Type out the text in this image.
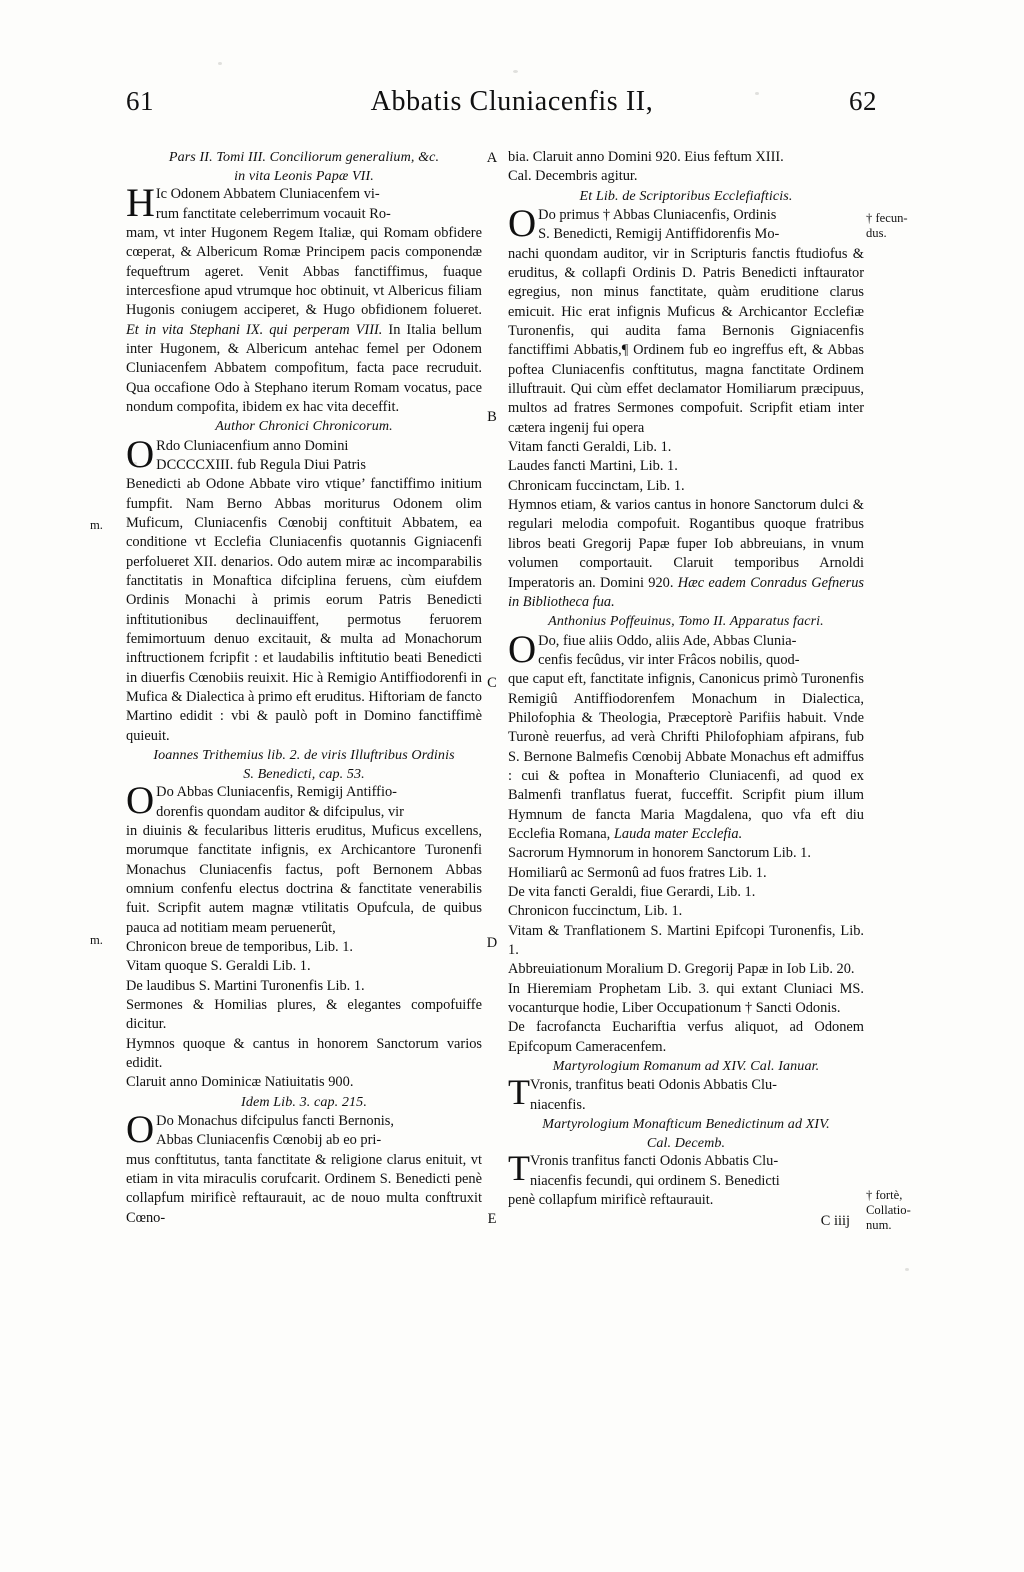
61	Abbatis Cluniacenfis II,	62
m.
m.
† fecun-
dus.
† fortè,
Collatio-
num.
A
B
C
D
E

Pars II. Tomi III. Conciliorum generalium, &c.

in vita Leonis Papæ VII.

H Ic Odonem Abbatem Cluniacenfem vi-
rum fanctitate celeberrimum vocauit Ro-
mam, vt inter Hugonem Regem Italiæ, qui Romam obfidere cœperat, & Albericum Romæ Principem pacis componendæ fequeftrum ageret. Venit Abbas fanctiffimus, fuaque intercesfione apud vtrumque hoc obtinuit, vt Albericus filiam Hugonis coniugem acciperet, & Hugo obfidionem folueret. Et in vita Stephani IX. qui perperam VIII. In Italia bellum inter Hugonem, & Albericum antehac femel per Odonem Cluniacenfem Abbatem compofitum, facta pace recruduit. Qua occafione Odo à Stephano iterum Romam vocatus, pace nondum compofita, ibidem ex hac vita deceffit.

Author Chronici Chronicorum.

O Rdo Cluniacenfium anno Domini
DCCCCXIII. fub Regula Diui Patris
Benedicti ab Odone Abbate viro vtique’ fanctiffimo initium fumpfit. Nam Berno Abbas moriturus Odonem olim Muficum, Cluniacenfis Cœnobij conftituit Abbatem, ea conditione vt Ecclefia Cluniacenfis quotannis Gigniacenfi perfolueret XII. denarios. Odo autem miræ ac incomparabilis fanctitatis in Monaftica difciplina feruens, cùm eiufdem Ordinis Monachi à primis eorum Patris Benedicti inftitutionibus declinauiffent, permotus feruorem femimortuum denuo excitauit, & multa ad Monachorum inftructionem fcripfit : et laudabilis inftitutio beati Benedicti in diuerfis Cœnobiis reuixit. Hic à Remigio Antiffiodorenfi in Mufica & Dialectica à primo eft eruditus. Hiftoriam de fancto Martino edidit : vbi & paulò poft in Domino fanctiffimè quieuit.

Ioannes Trithemius lib. 2. de viris Illuftribus Ordinis

S. Benedicti, cap. 53.

O Do Abbas Cluniacenfis, Remigij Antiffio-
dorenfis quondam auditor & difcipulus, vir
in diuinis & fecularibus litteris eruditus, Muficus excellens, morumque fanctitate infignis, ex Archicantore Turonenfi Monachus Cluniacenfis factus, poft Bernonem Abbas omnium confenfu electus doctrina & fanctitate venerabilis fuit. Scripfit autem magnæ vtilitatis Opufcula, de quibus pauca ad notitiam meam peruenerût,

Chronicon breue de temporibus, Lib. 1.

Vitam quoque S. Geraldi Lib. 1.

De laudibus S. Martini Turonenfis Lib. 1.

Sermones & Homilias plures, & elegantes compofuiffe dicitur.

Hymnos quoque & cantus in honorem Sanctorum varios edidit.

Claruit anno Dominicæ Natiuitatis 900.

Idem Lib. 3. cap. 215.

O Do Monachus difcipulus fancti Bernonis,
Abbas Cluniacenfis Cœnobij ab eo pri-
mus conftitutus, tanta fanctitate & religione clarus enituit, vt etiam in vita miraculis corufcarit. Ordinem S. Benedicti penè collapfum mirificè reftaurauit, ac de nouo multa conftruxit Cœno-

bia. Claruit anno Domini 920. Eius feftum XIII.

Cal. Decembris agitur.

Et Lib. de Scriptoribus Ecclefiafticis.

O Do primus † Abbas Cluniacenfis, Ordinis
S. Benedicti, Remigij Antiffidorenfis Mo-
nachi quondam auditor, vir in Scripturis fanctis ftudiofus & eruditus, & collapfi Ordinis D. Patris Benedicti inftaurator egregius, non minus fanctitate, quàm eruditione clarus emicuit. Hic erat infignis Muficus & Archicantor Ecclefiæ Turonenfis, qui audita fama Bernonis Gigniacenfis fanctiffimi Abbatis,¶ Ordinem fub eo ingreffus eft, & Abbas poftea Cluniacenfis conftitutus, magna fanctitate Ordinem illuftrauit. Qui cùm effet declamator Homiliarum præcipuus, multos ad fratres Sermones compofuit. Scripfit etiam inter cætera ingenij fui opera

Vitam fancti Geraldi, Lib. 1.

Laudes fancti Martini, Lib. 1.

Chronicam fuccinctam, Lib. 1.

Hymnos etiam, & varios cantus in honore Sanctorum dulci & regulari melodia compofuit. Rogantibus quoque fratribus libros beati Gregorij Papæ fuper Iob abbreuians, in vnum volumen comportauit. Claruit temporibus Arnoldi Imperatoris an. Domini 920. Hæc eadem Conradus Gefnerus in Bibliotheca fua.

Anthonius Poffeuinus, Tomo II. Apparatus facri.

O Do, fiue aliis Oddo, aliis Ade, Abbas Clunia-
cenfis fecûdus, vir inter Frâcos nobilis, quod-
que caput eft, fanctitate infignis, Canonicus primò Turonenfis Remigiû Antiffiodorenfem Monachum in Dialectica, Philofophia & Theologia, Præceptorè Parifiis habuit. Vnde Turonè reuerfus, ad verà Chrifti Philofophiam afpirans, fub S. Bernone Balmefis Cœnobij Abbate Monachus eft admiffus : cui & poftea in Monafterio Cluniacenfi, ad quod ex Balmenfi tranflatus fuerat, fucceffit. Scripfit pium illum Hymnum de fancta Maria Magdalena, quo vfa eft diu Ecclefia Romana, Lauda mater Ecclefia.

Sacrorum Hymnorum in honorem Sanctorum Lib. 1.

Homiliarû ac Sermonû ad fuos fratres Lib. 1.

De vita fancti Geraldi, fiue Gerardi, Lib. 1.

Chronicon fuccinctum, Lib. 1.

Vitam & Tranflationem S. Martini Epifcopi Turonenfis, Lib. 1.

Abbreuiationum Moralium D. Gregorij Papæ in Iob Lib. 20.

In Hieremiam Prophetam Lib. 3. qui extant Cluniaci MS. vocanturque hodie, Liber Occupationum † Sancti Odonis.

De facrofancta Euchariftia verfus aliquot, ad Odonem Epifcopum Cameracenfem.

Martyrologium Romanum ad XIV. Cal. Ianuar.

T Vronis, tranfitus beati Odonis Abbatis Clu-
niacenfis.

Martyrologium Monafticum Benedictinum ad XIV.

Cal. Decemb.

T Vronis tranfitus fancti Odonis Abbatis Clu-
niacenfis fecundi, qui ordinem S. Benedicti
penè collapfum mirificè reftaurauit.

C iiij
